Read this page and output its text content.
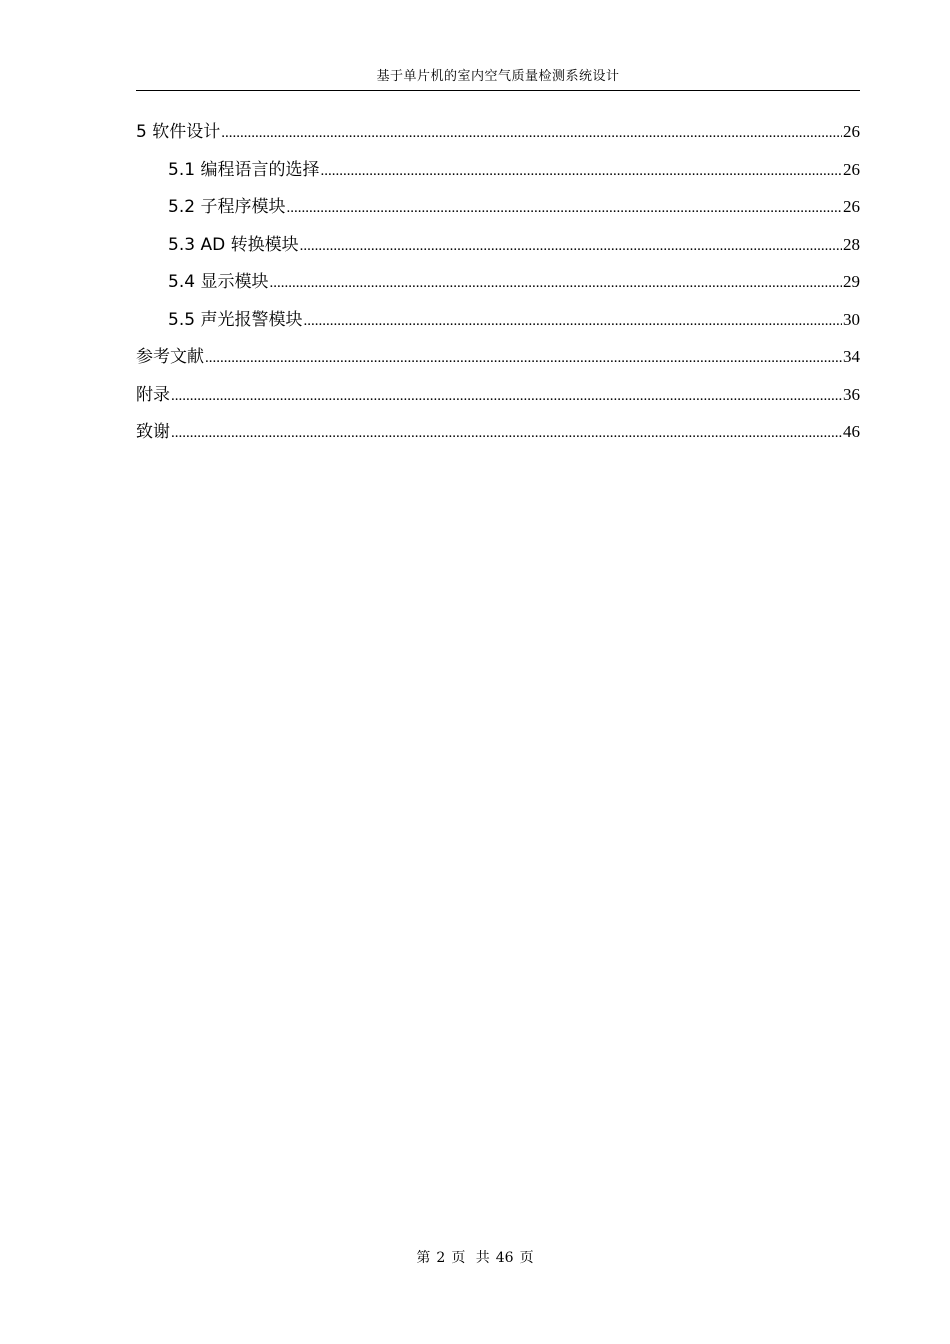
基于单片机的室内空气质量检测系统设计
5 软件设计 .....	26
5.1 编程语言的选择 .....	26
5.2 子程序模块 .....	26
5.3 AD 转换模块 .....	28
5.4 显示模块 .....	29
5.5 声光报警模块 .....	30
参考文献 .....	34
附录 .....	36
致谢 .....	46
第 2 页 共 46 页
